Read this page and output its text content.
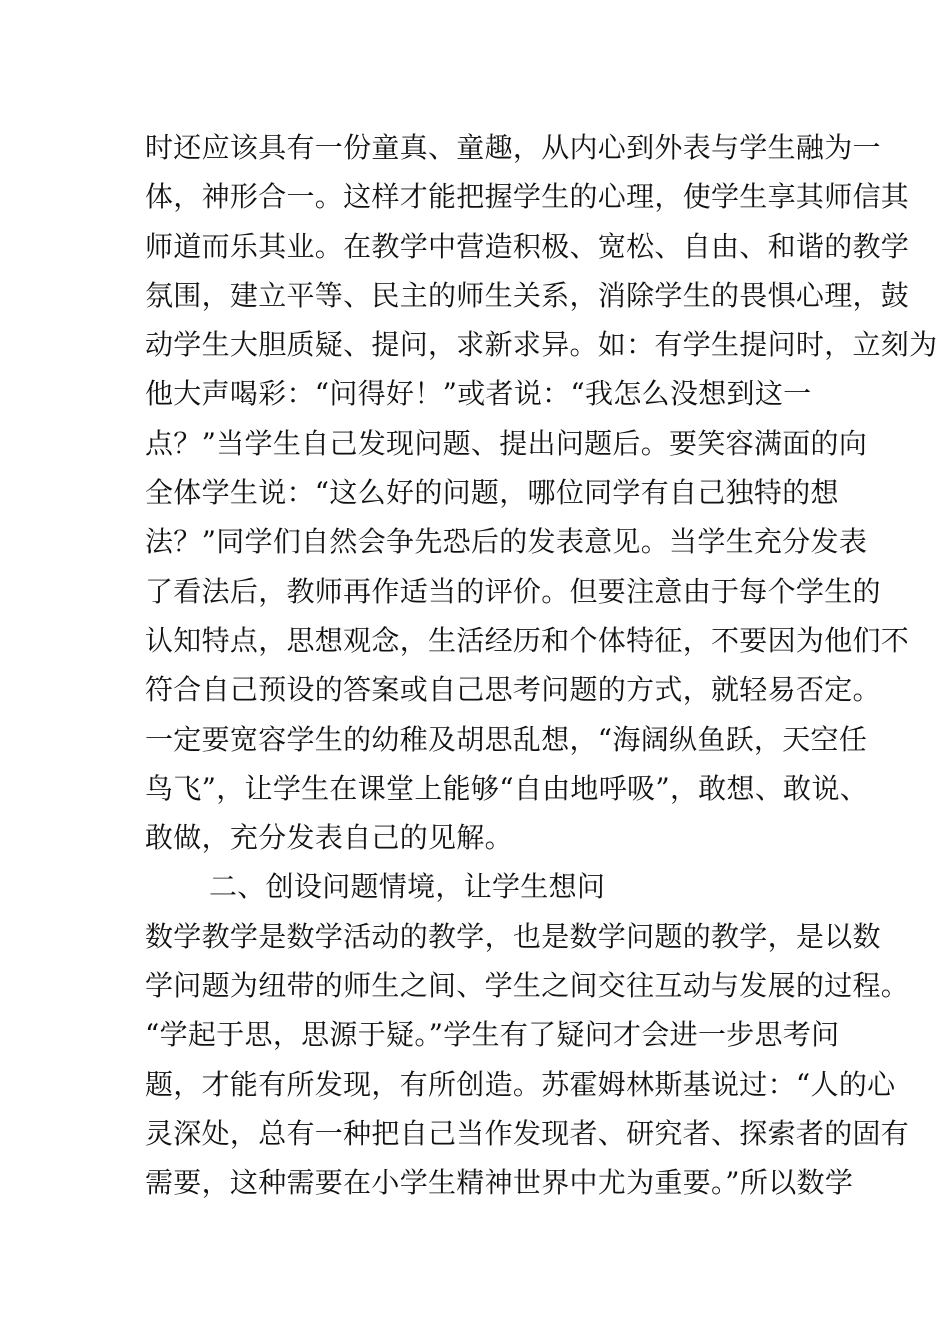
时还应该具有一份童真、童趣，从内心到外表与学生融为一
体，神形合一。这样才能把握学生的心理，使学生享其师信其
师道而乐其业。在教学中营造积极、宽松、自由、和谐的教学
氛围，建立平等、民主的师生关系，消除学生的畏惧心理，鼓
动学生大胆质疑、提问，求新求异。如：有学生提问时，立刻为
他大声喝彩：“问得好！”或者说：“我怎么没想到这一
点？”当学生自己发现问题、提出问题后。要笑容满面的向
全体学生说：“这么好的问题，哪位同学有自己独特的想
法？”同学们自然会争先恐后的发表意见。当学生充分发表
了看法后，教师再作适当的评价。但要注意由于每个学生的
认知特点，思想观念，生活经历和个体特征，不要因为他们不
符合自己预设的答案或自己思考问题的方式，就轻易否定。
一定要宽容学生的幼稚及胡思乱想，“海阔纵鱼跃，天空任
鸟飞”，让学生在课堂上能够“自由地呼吸”，敢想、敢说、
敢做，充分发表自己的见解。
二、创设问题情境，让学生想问
数学教学是数学活动的教学，也是数学问题的教学，是以数
学问题为纽带的师生之间、学生之间交往互动与发展的过程。
“学起于思，思源于疑。”学生有了疑问才会进一步思考问
题，才能有所发现，有所创造。苏霍姆林斯基说过：“人的心
灵深处，总有一种把自己当作发现者、研究者、探索者的固有
需要，这种需要在小学生精神世界中尤为重要。”所以数学
